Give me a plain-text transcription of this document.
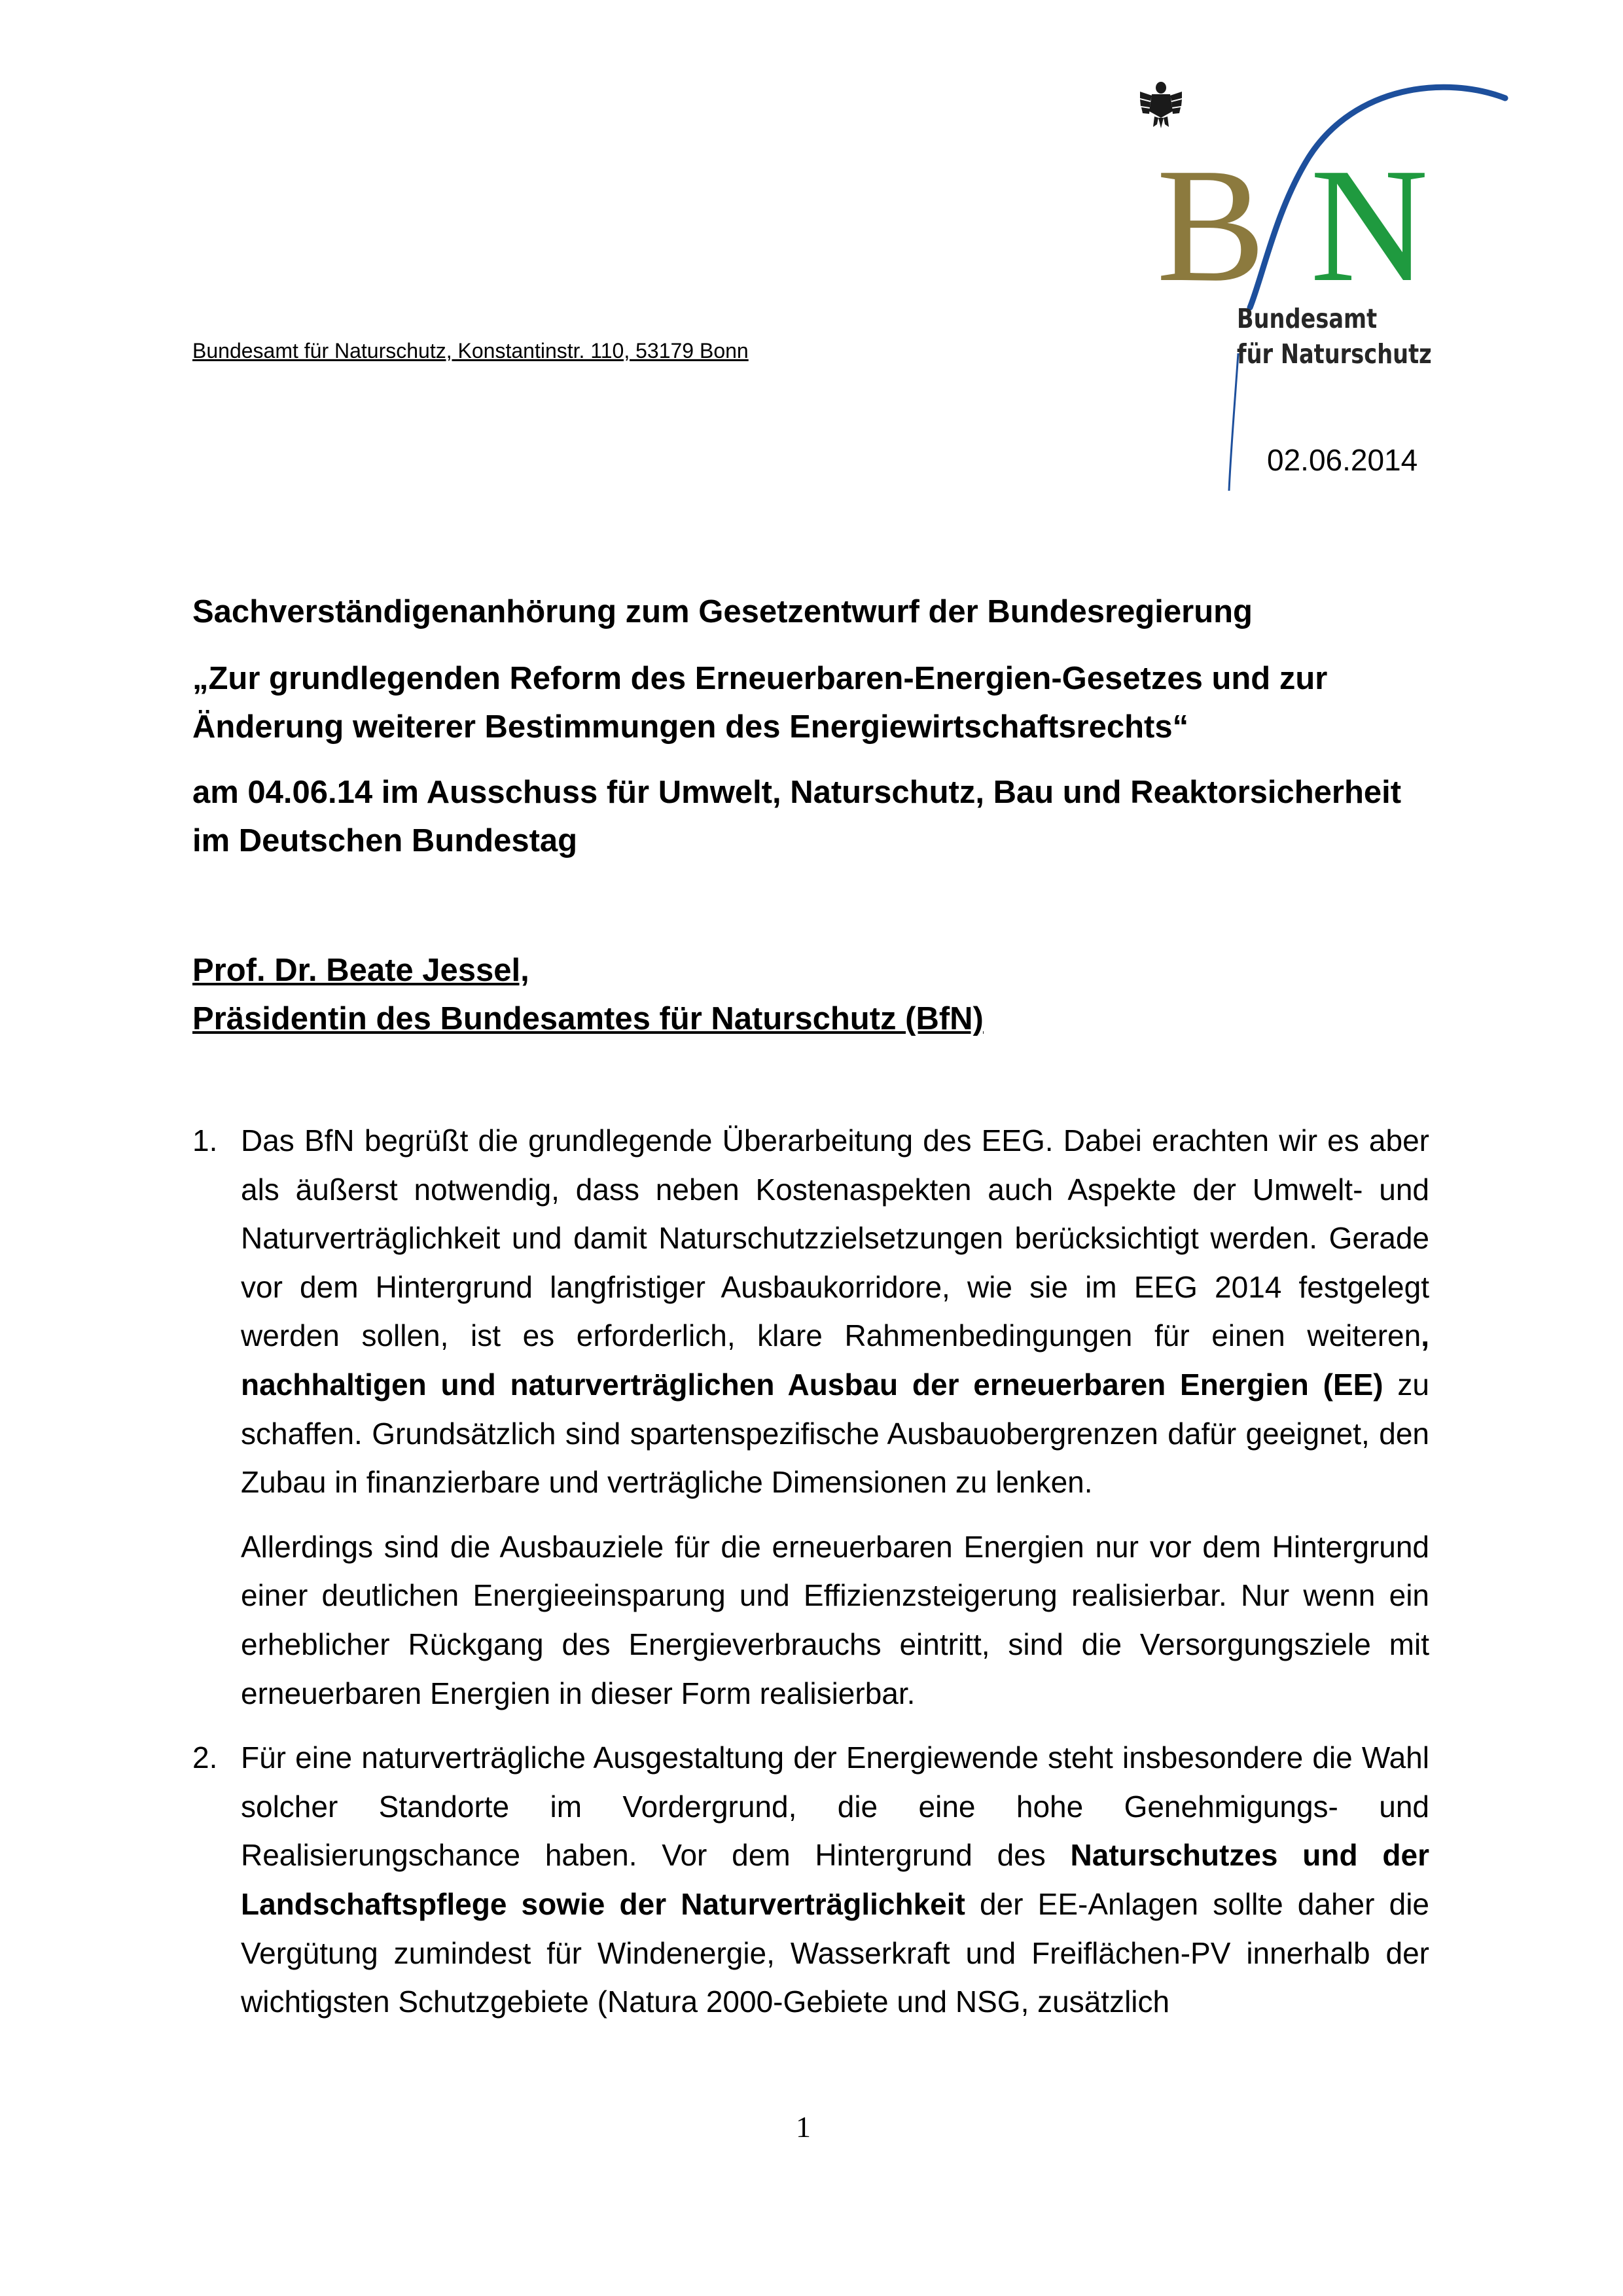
B N
Bundesamt
für Naturschutz
Bundesamt für Naturschutz, Konstantinstr. 110, 53179 Bonn
02.06.2014

Sachverständigenanhörung zum Gesetzentwurf der Bundesregierung

„Zur grundlegenden Reform des Erneuerbaren-Energien-Gesetzes und zur Änderung weiterer Bestimmungen des Energiewirtschaftsrechts“

am 04.06.14 im Ausschuss für Umwelt, Naturschutz, Bau und Reaktorsicherheit im Deutschen Bundestag

Prof. Dr. Beate Jessel,
Präsidentin des Bundesamtes für Naturschutz (BfN)
1. Das BfN begrüßt die grundlegende Überarbeitung des EEG. Dabei erachten wir es aber als äußerst notwendig, dass neben Kostenaspekten auch Aspekte der Umwelt- und Naturverträglichkeit und damit Naturschutzzielsetzungen berücksichtigt werden. Gerade vor dem Hintergrund langfristiger Ausbaukorridore, wie sie im EEG 2014 festgelegt werden sollen, ist es erforderlich, klare Rahmenbedingungen für einen weiteren, nachhaltigen und naturverträglichen Ausbau der erneuerbaren Energien (EE) zu schaffen. Grundsätzlich sind spartenspezifische Ausbauobergrenzen dafür geeignet, den Zubau in finanzierbare und verträgliche Dimensionen zu lenken.

Allerdings sind die Ausbauziele für die erneuerbaren Energien nur vor dem Hintergrund einer deutlichen Energieeinsparung und Effizienzsteigerung realisierbar. Nur wenn ein erheblicher Rückgang des Energieverbrauchs eintritt, sind die Versorgungsziele mit erneuerbaren Energien in dieser Form realisierbar.

2. Für eine naturverträgliche Ausgestaltung der Energiewende steht insbesondere die Wahl solcher Standorte im Vordergrund, die eine hohe Genehmigungs- und Realisierungschance haben. Vor dem Hintergrund des Naturschutzes und der Landschaftspflege sowie der Naturverträglichkeit der EE-Anlagen sollte daher die Vergütung zumindest für Windenergie, Wasserkraft und Freiflächen-PV innerhalb der wichtigsten Schutzgebiete (Natura 2000-Gebiete und NSG, zusätzlich

1
